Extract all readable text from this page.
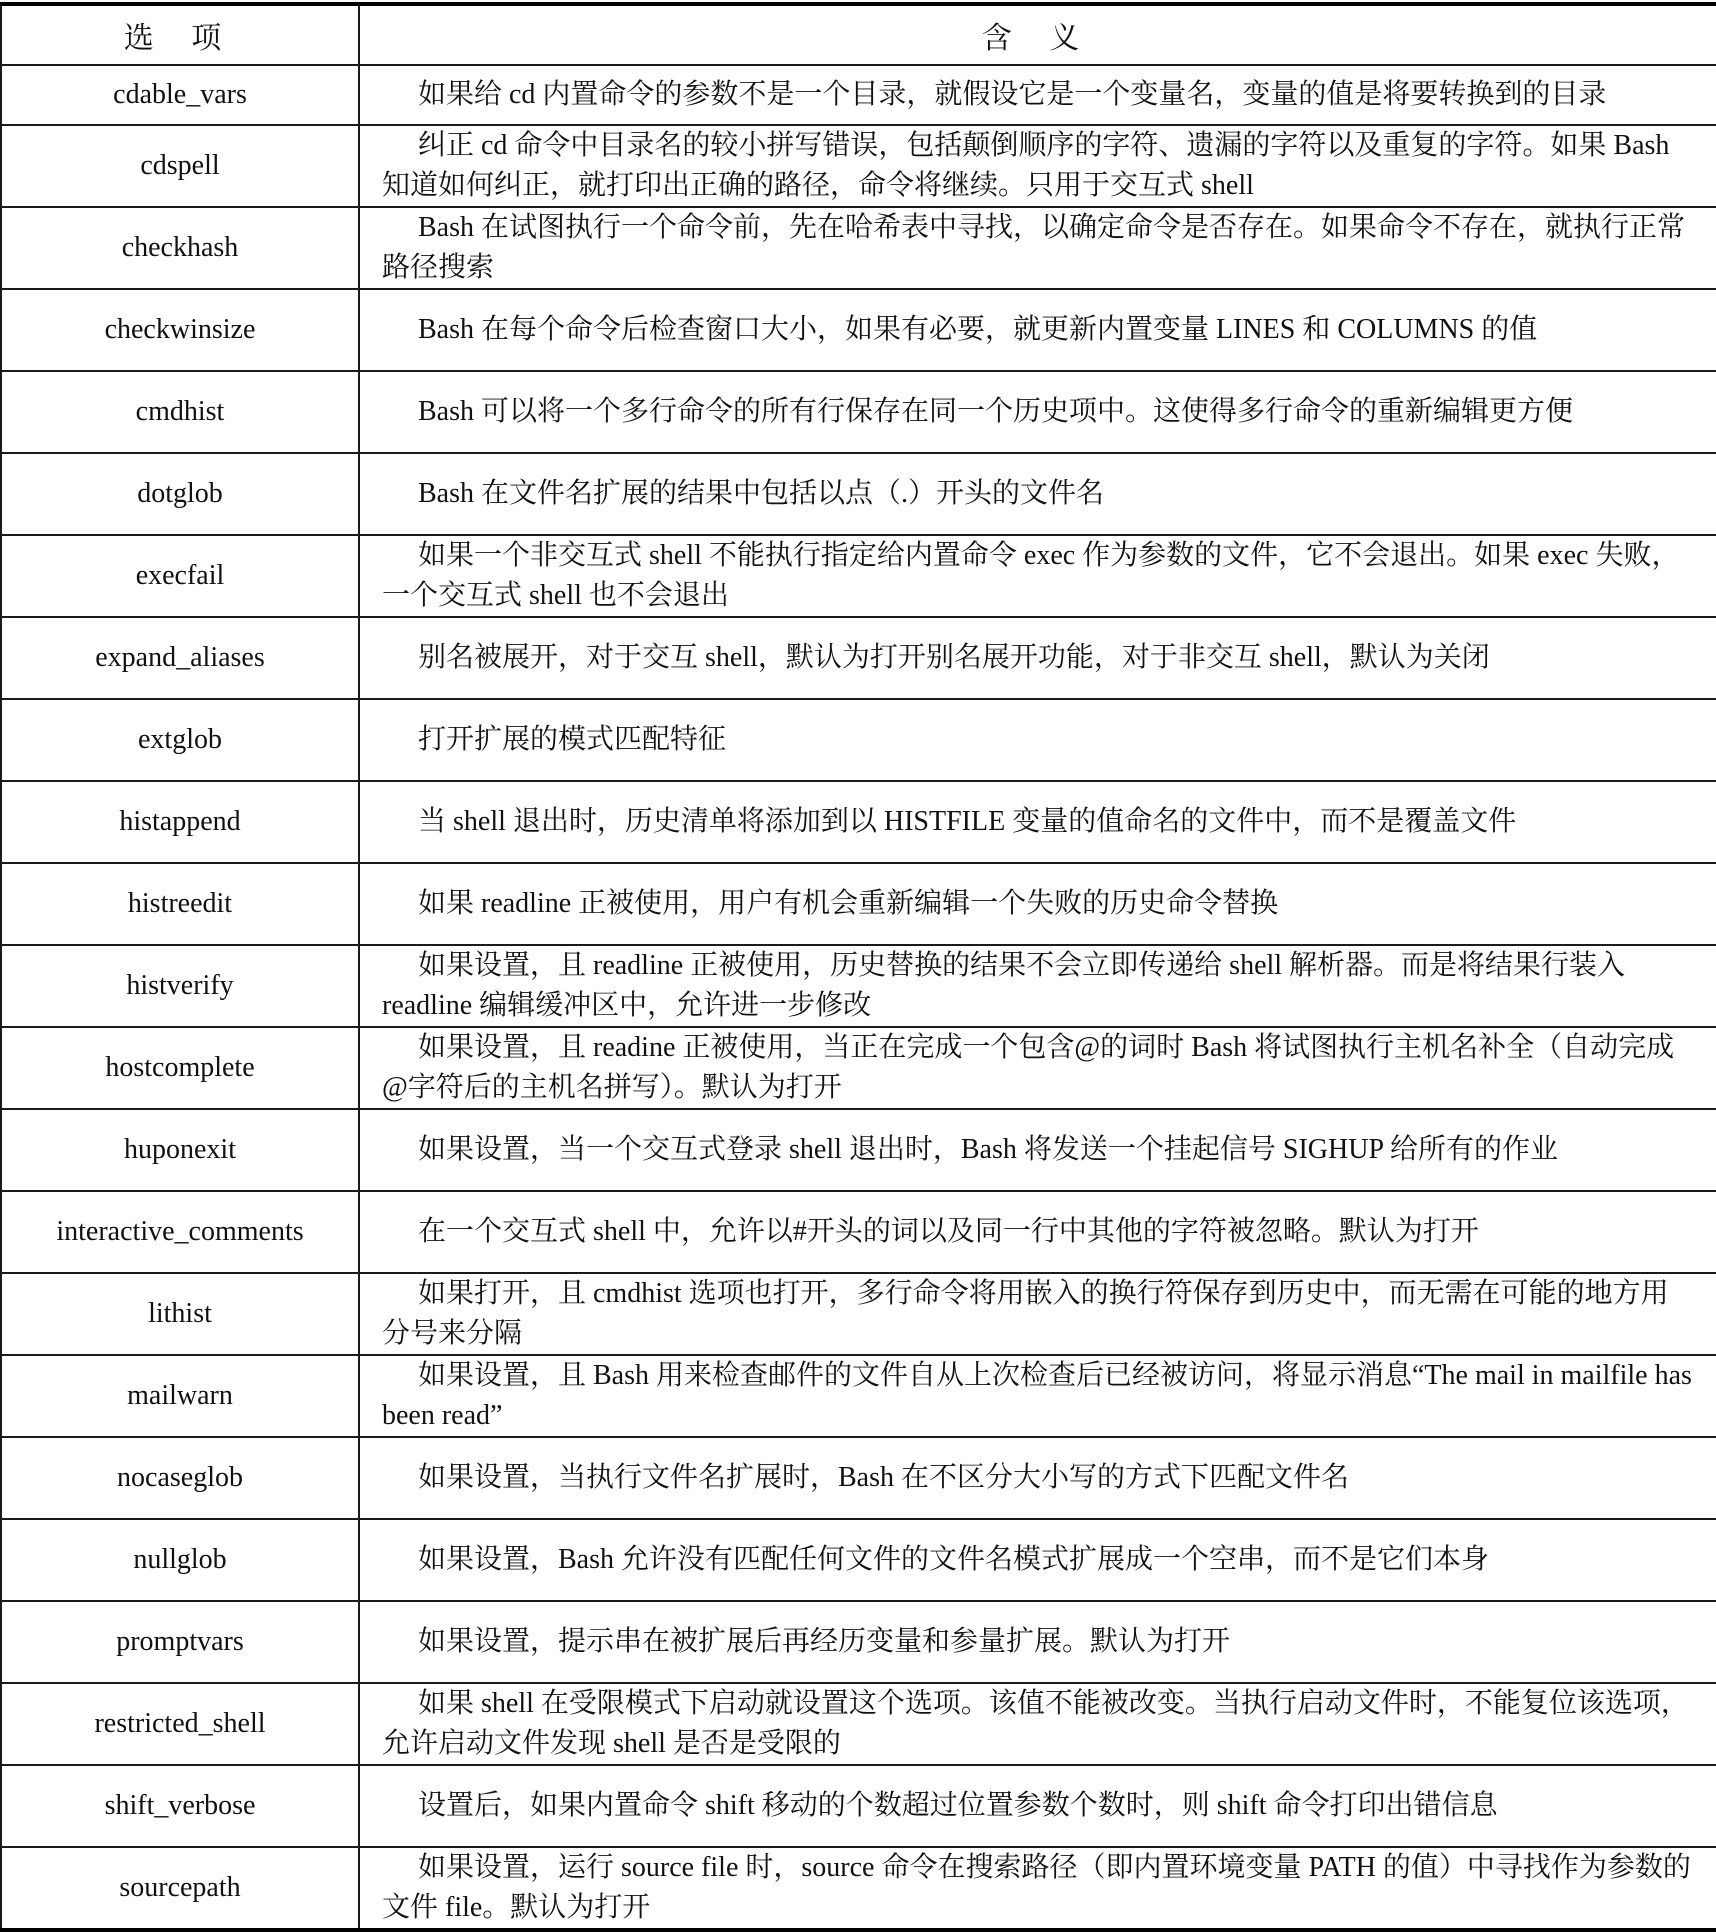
选 项	含 义
cdable_vars	如果给 cd 内置命令的参数不是一个目录，就假设它是一个变量名，变量的值是将要转换到的目录
cdspell	纠正 cd 命令中目录名的较小拼写错误，包括颠倒顺序的字符、遗漏的字符以及重复的字符。如果 Bash 知道如何纠正，就打印出正确的路径，命令将继续。只用于交互式 shell
checkhash	Bash 在试图执行一个命令前，先在哈希表中寻找，以确定命令是否存在。如果命令不存在，就执行正常路径搜索
checkwinsize	Bash 在每个命令后检查窗口大小，如果有必要，就更新内置变量 LINES 和 COLUMNS 的值
cmdhist	Bash 可以将一个多行命令的所有行保存在同一个历史项中。这使得多行命令的重新编辑更方便
dotglob	Bash 在文件名扩展的结果中包括以点（.）开头的文件名
execfail	如果一个非交互式 shell 不能执行指定给内置命令 exec 作为参数的文件，它不会退出。如果 exec 失败，一个交互式 shell 也不会退出
expand_aliases	别名被展开，对于交互 shell，默认为打开别名展开功能，对于非交互 shell，默认为关闭
extglob	打开扩展的模式匹配特征
histappend	当 shell 退出时，历史清单将添加到以 HISTFILE 变量的值命名的文件中，而不是覆盖文件
histreedit	如果 readline 正被使用，用户有机会重新编辑一个失败的历史命令替换
histverify	如果设置，且 readline 正被使用，历史替换的结果不会立即传递给 shell 解析器。而是将结果行装入 readline 编辑缓冲区中，允许进一步修改
hostcomplete	如果设置，且 readine 正被使用，当正在完成一个包含@的词时 Bash 将试图执行主机名补全（自动完成@字符后的主机名拼写）。默认为打开
huponexit	如果设置，当一个交互式登录 shell 退出时，Bash 将发送一个挂起信号 SIGHUP 给所有的作业
interactive_comments	在一个交互式 shell 中，允许以#开头的词以及同一行中其他的字符被忽略。默认为打开
lithist	如果打开，且 cmdhist 选项也打开，多行命令将用嵌入的换行符保存到历史中，而无需在可能的地方用分号来分隔
mailwarn	如果设置，且 Bash 用来检查邮件的文件自从上次检查后已经被访问，将显示消息“The mail in mailfile has been read”
nocaseglob	如果设置，当执行文件名扩展时，Bash 在不区分大小写的方式下匹配文件名
nullglob	如果设置，Bash 允许没有匹配任何文件的文件名模式扩展成一个空串，而不是它们本身
promptvars	如果设置，提示串在被扩展后再经历变量和参量扩展。默认为打开
restricted_shell	如果 shell 在受限模式下启动就设置这个选项。该值不能被改变。当执行启动文件时，不能复位该选项，允许启动文件发现 shell 是否是受限的
shift_verbose	设置后，如果内置命令 shift 移动的个数超过位置参数个数时，则 shift 命令打印出错信息
sourcepath	如果设置，运行 source file 时，source 命令在搜索路径（即内置环境变量 PATH 的值）中寻找作为参数的文件 file。默认为打开
